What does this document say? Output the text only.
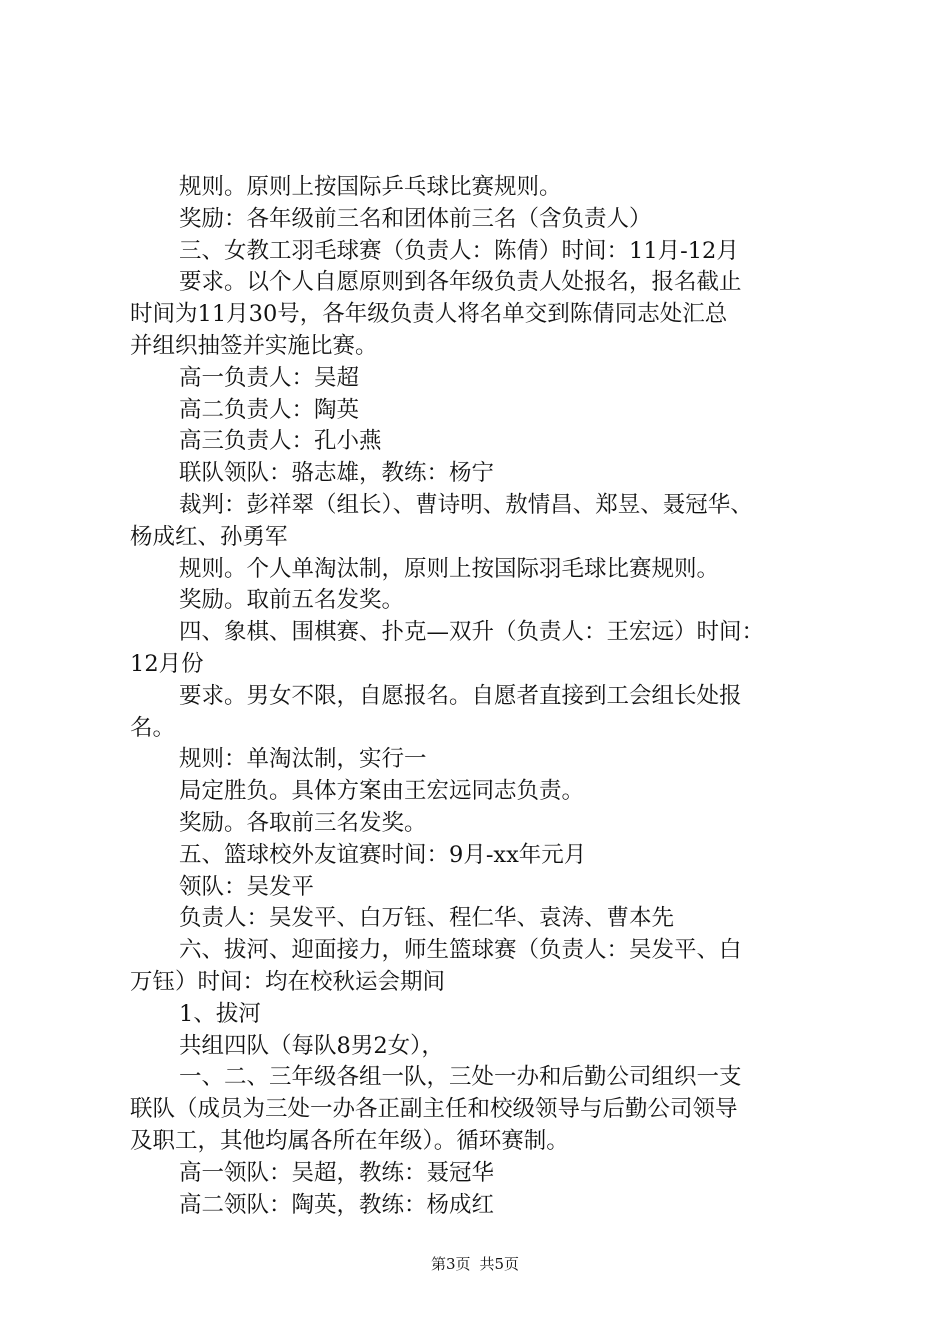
规则。原则上按国际乒乓球比赛规则。
奖励：各年级前三名和团体前三名（含负责人）
三、女教工羽毛球赛（负责人：陈倩）时间：11月-12月
要求。以个人自愿原则到各年级负责人处报名，报名截止
时间为11月30号，各年级负责人将名单交到陈倩同志处汇总
并组织抽签并实施比赛。
高一负责人：吴超
高二负责人：陶英
高三负责人：孔小燕
联队领队：骆志雄，教练：杨宁
裁判：彭祥翠（组长）、曹诗明、敖情昌、郑昱、聂冠华、
杨成红、孙勇军
规则。个人单淘汰制，原则上按国际羽毛球比赛规则。
奖励。取前五名发奖。
四、象棋、围棋赛、扑克—双升（负责人：王宏远）时间：
12月份
要求。男女不限，自愿报名。自愿者直接到工会组长处报
名。
规则：单淘汰制，实行一
局定胜负。具体方案由王宏远同志负责。
奖励。各取前三名发奖。
五、篮球校外友谊赛时间：9月-xx年元月
领队：吴发平
负责人：吴发平、白万钰、程仁华、袁涛、曹本先
六、拔河、迎面接力，师生篮球赛（负责人：吴发平、白
万钰）时间：均在校秋运会期间
1、拔河
共组四队（每队8男2女），
一、二、三年级各组一队，三处一办和后勤公司组织一支
联队（成员为三处一办各正副主任和校级领导与后勤公司领导
及职工，其他均属各所在年级）。循环赛制。
高一领队：吴超，教练：聂冠华
高二领队：陶英，教练：杨成红
第3页 共5页
